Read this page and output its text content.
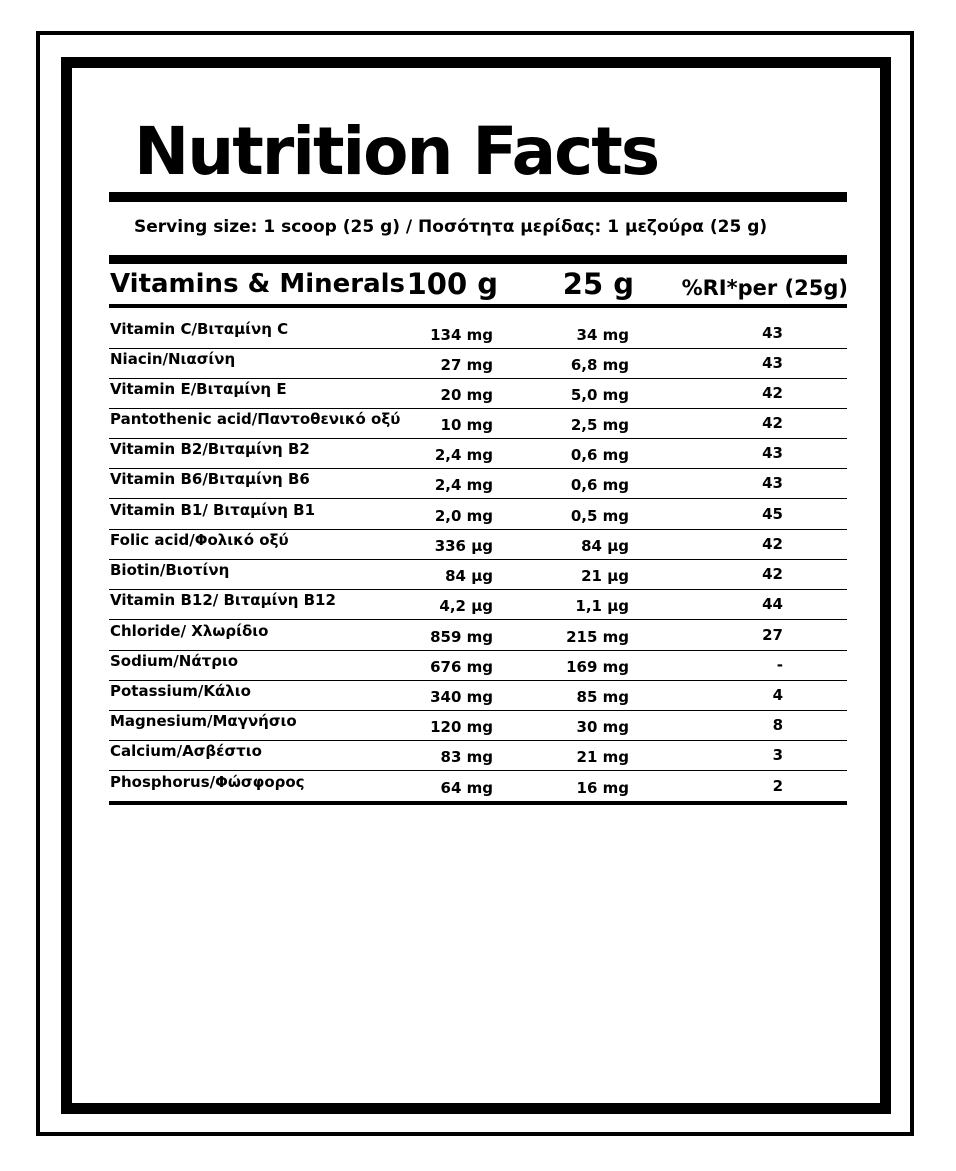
Nutrition Facts
Serving size: 1 scoop (25 g) / Ποσότητα μερίδας: 1 μεζούρα (25 g)
Vitamins & Minerals 100 g	25 g	%RI*per (25g)
Vitamin C/Βιταμίνη C	134 mg	34 mg	43
Niacin/Νιασίνη	27 mg	6,8 mg	43
Vitamin E/Βιταμίνη E	20 mg	5,0 mg	42
Pantothenic acid/Παντοθενικό οξύ	10 mg	2,5 mg	42
Vitamin B2/Βιταμίνη B2	2,4 mg	0,6 mg	43
Vitamin B6/Βιταμίνη B6	2,4 mg	0,6 mg	43
Vitamin B1/ Βιταμίνη B1	2,0 mg	0,5 mg	45
Folic acid/Φολικό οξύ	336 μg	84 μg	42
Biotin/Βιοτίνη	84 μg	21 μg	42
Vitamin B12/ Βιταμίνη B12	4,2 μg	1,1 μg	44
Chloride/ Χλωρίδιο	859 mg	215 mg	27
Sodium/Νάτριο	676 mg	169 mg	-
Potassium/Κάλιο	340 mg	85 mg	4
Magnesium/Μαγνήσιο	120 mg	30 mg	8
Calcium/Ασβέστιο	83 mg	21 mg	3
Phosphorus/Φώσφορος	64 mg	16 mg	2
